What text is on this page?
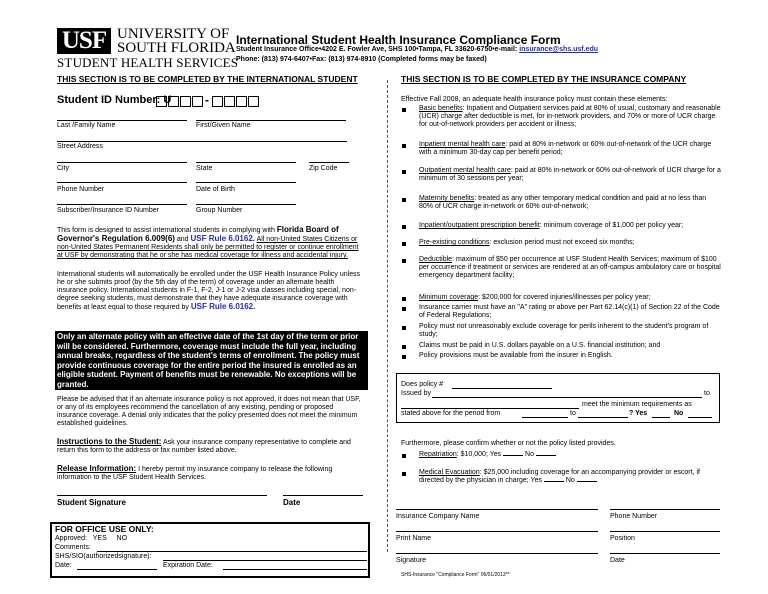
USF UNIVERSITY OF
SOUTH FLORIDA
STUDENT HEALTH SERVICES
International Student Health Insurance Compliance Form
Student Insurance Office•4202 E. Fowler Ave, SHS 100•Tampa, FL 33620-6750•e-mail: insurance@shs.usf.edu
Phone: (813) 974-6407•Fax: (813) 974-8910 (Completed forms may be faxed)
THIS SECTION IS TO BE COMPLETED BY THE INTERNATIONAL STUDENT
Student ID Number: U	-
Last /Family Name	First/Given Name
Street Address
City	State	Zip Code
Phone Number	Date of Birth
Subscriber/Insurance ID Number	Group Number
This form is designed to assist international students in complying with Florida Board of Governor's Regulation 6.009(6) and USF Rule 6.0162. All non-United States Citizens or non-United States Permanent Residents shall only be permitted to register or continue enrollment at USF by demonstrating that he or she has medical coverage for illness and accidental injury.
International students will automatically be enrolled under the USF Health Insurance Policy unless he or she submits proof (by the 5th day of the term) of coverage under an alternate health insurance policy. International students in F-1, F-2, J-1 or J-2 visa classes including special, non-degree seeking students, must demonstrate that they have adequate insurance coverage with benefits at least equal to those required by USF Rule 6.0162.
Only an alternate policy with an effective date of the 1st day of the term or prior will be considered. Furthermore, coverage must include the full year, including annual breaks, regardless of the student's terms of enrollment. The policy must provide continuous coverage for the entire period the insured is enrolled as an eligible student. Payment of benefits must be renewable. No exceptions will be granted.
Please be advised that if an alternate insurance policy is not approved, it does not mean that USF, or any of its employees recommend the cancellation of any existing, pending or proposed insurance coverage. A denial only indicates that the policy presented does not meet the minimum established guidelines.
Instructions to the Student: Ask your insurance company representative to complete and return this form to the address or fax number listed above.
Release Information: I hereby permit my insurance company to release the following information to the USF Student Health Services.
Student Signature	Date
FOR OFFICE USE ONLY:
Approved: YES NO
Comments:
SHS/SIO(authorizedsignature):
Date:	Expiration Date:
THIS SECTION IS TO BE COMPLETED BY THE INSURANCE COMPANY
Effective Fall 2008, an adequate health insurance policy must contain these elements:
Basic benefits: Inpatient and Outpatient services paid at 80% of usual, customary and reasonable (UCR) charge after deductible is met, for in-network providers, and 70% or more of UCR charge for out-of-network providers per accident or illness;
Inpatient mental health care: paid at 80% in-network or 60% out-of-network of the UCR charge with a minimum 30-day cap per benefit period;
Outpatient mental health care: paid at 80% in-network or 60% out-of-network of UCR charge for a minimum of 30 sessions per year;
Maternity benefits: treated as any other temporary medical condition and paid at no less than 80% of UCR charge in-network or 60% out-of-network;
Inpatient/outpatient prescription benefit: minimum coverage of $1,000 per policy year;
Pre-existing conditions: exclusion period must not exceed six months;
Deductible: maximum of $50 per occurrence at USF Student Health Services; maximum of $100 per occurrence if treatment or services are rendered at an off-campus ambulatory care or hospital emergency department facility;
Minimum coverage: $200,000 for covered injuries/illnesses per policy year;
Insurance carrier must have an "A" rating or above per Part 62.14(c)(1) of Section 22 of the Code of Federal Regulations;
Policy must not unreasonably exclude coverage for perils inherent to the student's program of study;
Claims must be paid in U.S. dollars payable on a U.S. financial institution; and
Policy provisions must be available from the insurer in English.
Does policy #
Issued by	to
meet the minimum requirements as
stated above for the period from	to	? Yes	No
Furthermore, please confirm whether or not the policy listed provides.
Repatriation: $10,000; Yes	No
Medical Evacuation: $25,000 including coverage for an accompanying provider or escort, if directed by the physician in charge; Yes	No
Insurance Company Name	Phone Number
Print Name	Position
Signature	Date
SHS-Insurance "Compliance Form" 06/01/2013**
